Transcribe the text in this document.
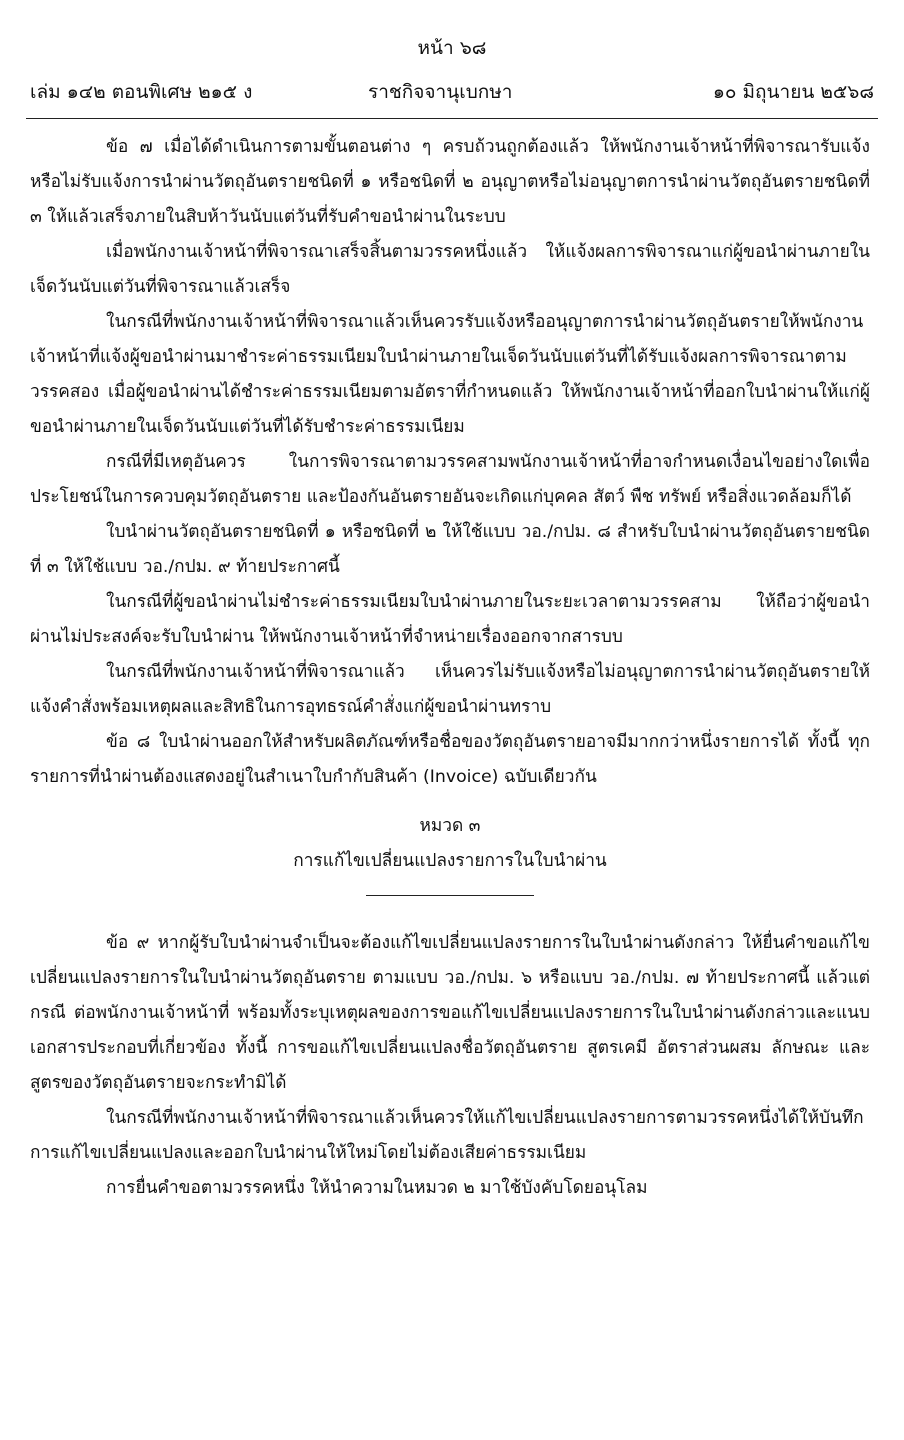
หน้า ๖๘
เล่ม ๑๔๒ ตอนพิเศษ ๒๑๕ ง	ราชกิจจานุเบกษา	๑๐ มิถุนายน ๒๕๖๘

ข้อ ๗ เมื่อได้ดำเนินการตามขั้นตอนต่าง ๆ ครบถ้วนถูกต้องแล้ว ให้พนักงานเจ้าหน้าที่พิจารณารับแจ้งหรือไม่รับแจ้งการนำผ่านวัตถุอันตรายชนิดที่ ๑ หรือชนิดที่ ๒ อนุญาตหรือไม่อนุญาตการนำผ่านวัตถุอันตรายชนิดที่ ๓ ให้แล้วเสร็จภายในสิบห้าวันนับแต่วันที่รับคำขอนำผ่านในระบบ

เมื่อพนักงานเจ้าหน้าที่พิจารณาเสร็จสิ้นตามวรรคหนึ่งแล้ว ให้แจ้งผลการพิจารณาแก่ผู้ขอนำผ่านภายในเจ็ดวันนับแต่วันที่พิจารณาแล้วเสร็จ

ในกรณีที่พนักงานเจ้าหน้าที่พิจารณาแล้วเห็นควรรับแจ้งหรืออนุญาตการนำผ่านวัตถุอันตรายให้พนักงานเจ้าหน้าที่แจ้งผู้ขอนำผ่านมาชำระค่าธรรมเนียมใบนำผ่านภายในเจ็ดวันนับแต่วันที่ได้รับแจ้งผลการพิจารณาตามวรรคสอง เมื่อผู้ขอนำผ่านได้ชำระค่าธรรมเนียมตามอัตราที่กำหนดแล้ว ให้พนักงานเจ้าหน้าที่ออกใบนำผ่านให้แก่ผู้ขอนำผ่านภายในเจ็ดวันนับแต่วันที่ได้รับชำระค่าธรรมเนียม

กรณีที่มีเหตุอันควร ในการพิจารณาตามวรรคสามพนักงานเจ้าหน้าที่อาจกำหนดเงื่อนไขอย่างใดเพื่อประโยชน์ในการควบคุมวัตถุอันตราย และป้องกันอันตรายอันจะเกิดแก่บุคคล สัตว์ พืช ทรัพย์ หรือสิ่งแวดล้อมก็ได้

ใบนำผ่านวัตถุอันตรายชนิดที่ ๑ หรือชนิดที่ ๒ ให้ใช้แบบ วอ./กปม. ๘ สำหรับใบนำผ่านวัตถุอันตรายชนิดที่ ๓ ให้ใช้แบบ วอ./กปม. ๙ ท้ายประกาศนี้

ในกรณีที่ผู้ขอนำผ่านไม่ชำระค่าธรรมเนียมใบนำผ่านภายในระยะเวลาตามวรรคสาม ให้ถือว่าผู้ขอนำผ่านไม่ประสงค์จะรับใบนำผ่าน ให้พนักงานเจ้าหน้าที่จำหน่ายเรื่องออกจากสารบบ

ในกรณีที่พนักงานเจ้าหน้าที่พิจารณาแล้ว เห็นควรไม่รับแจ้งหรือไม่อนุญาตการนำผ่านวัตถุอันตรายให้แจ้งคำสั่งพร้อมเหตุผลและสิทธิในการอุทธรณ์คำสั่งแก่ผู้ขอนำผ่านทราบ

ข้อ ๘ ใบนำผ่านออกให้สำหรับผลิตภัณฑ์หรือชื่อของวัตถุอันตรายอาจมีมากกว่าหนึ่งรายการได้ ทั้งนี้ ทุกรายการที่นำผ่านต้องแสดงอยู่ในสำเนาใบกำกับสินค้า (Invoice) ฉบับเดียวกัน

หมวด ๓

การแก้ไขเปลี่ยนแปลงรายการในใบนำผ่าน

ข้อ ๙ หากผู้รับใบนำผ่านจำเป็นจะต้องแก้ไขเปลี่ยนแปลงรายการในใบนำผ่านดังกล่าว ให้ยื่นคำขอแก้ไขเปลี่ยนแปลงรายการในใบนำผ่านวัตถุอันตราย ตามแบบ วอ./กปม. ๖ หรือแบบ วอ./กปม. ๗ ท้ายประกาศนี้ แล้วแต่กรณี ต่อพนักงานเจ้าหน้าที่ พร้อมทั้งระบุเหตุผลของการขอแก้ไขเปลี่ยนแปลงรายการในใบนำผ่านดังกล่าวและแนบเอกสารประกอบที่เกี่ยวข้อง ทั้งนี้ การขอแก้ไขเปลี่ยนแปลงชื่อวัตถุอันตราย สูตรเคมี อัตราส่วนผสม ลักษณะ และสูตรของวัตถุอันตรายจะกระทำมิได้

ในกรณีที่พนักงานเจ้าหน้าที่พิจารณาแล้วเห็นควรให้แก้ไขเปลี่ยนแปลงรายการตามวรรคหนึ่งได้ให้บันทึกการแก้ไขเปลี่ยนแปลงและออกใบนำผ่านให้ใหม่โดยไม่ต้องเสียค่าธรรมเนียม

การยื่นคำขอตามวรรคหนึ่ง ให้นำความในหมวด ๒ มาใช้บังคับโดยอนุโลม
